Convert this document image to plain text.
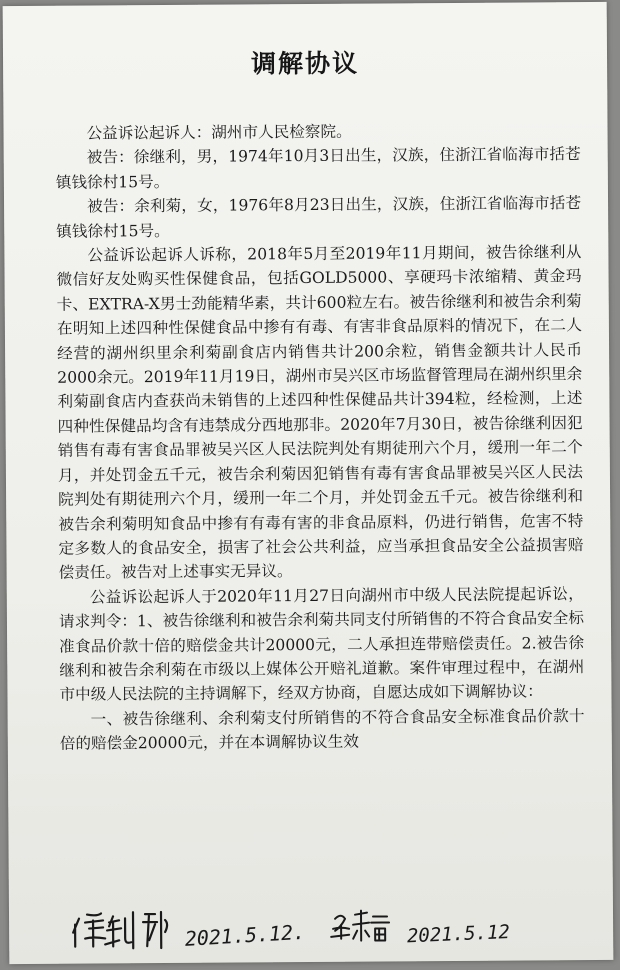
调解协议

公益诉讼起诉人：湖州市人民检察院。

被告：徐继利，男，1974年10月3日出生，汉族，住浙江省临海市括苍镇钱徐村15号。

被告：余利菊，女，1976年8月23日出生，汉族，住浙江省临海市括苍镇钱徐村15号。

公益诉讼起诉人诉称，2018年5月至2019年11月期间，被告徐继利从微信好友处购买性保健食品，包括GOLD5000、享硬玛卡浓缩精、黄金玛卡、EXTRA-X男士劲能精华素，共计600粒左右。被告徐继利和被告余利菊在明知上述四种性保健食品中掺有有毒、有害非食品原料的情况下，在二人经营的湖州织里余利菊副食店内销售共计200余粒，销售金额共计人民币2000余元。2019年11月19日，湖州市吴兴区市场监督管理局在湖州织里余利菊副食店内查获尚未销售的上述四种性保健品共计394粒，经检测，上述四种性保健品均含有违禁成分西地那非。2020年7月30日，被告徐继利因犯销售有毒有害食品罪被吴兴区人民法院判处有期徒刑六个月，缓刑一年二个月，并处罚金五千元，被告余利菊因犯销售有毒有害食品罪被吴兴区人民法院判处有期徒刑六个月，缓刑一年二个月，并处罚金五千元。被告徐继利和被告余利菊明知食品中掺有有毒有害的非食品原料，仍进行销售，危害不特定多数人的食品安全，损害了社会公共利益，应当承担食品安全公益损害赔偿责任。被告对上述事实无异议。

公益诉讼起诉人于2020年11月27日向湖州市中级人民法院提起诉讼，请求判令：1、被告徐继利和被告余利菊共同支付所销售的不符合食品安全标准食品价款十倍的赔偿金共计20000元，二人承担连带赔偿责任。2.被告徐继利和被告余利菊在市级以上媒体公开赔礼道歉。案件审理过程中，在湖州市中级人民法院的主持调解下，经双方协商，自愿达成如下调解协议：

一、被告徐继利、余利菊支付所销售的不符合食品安全标准食品价款十倍的赔偿金20000元，并在本调解协议生效

2021.5.12.	2021.5.12
